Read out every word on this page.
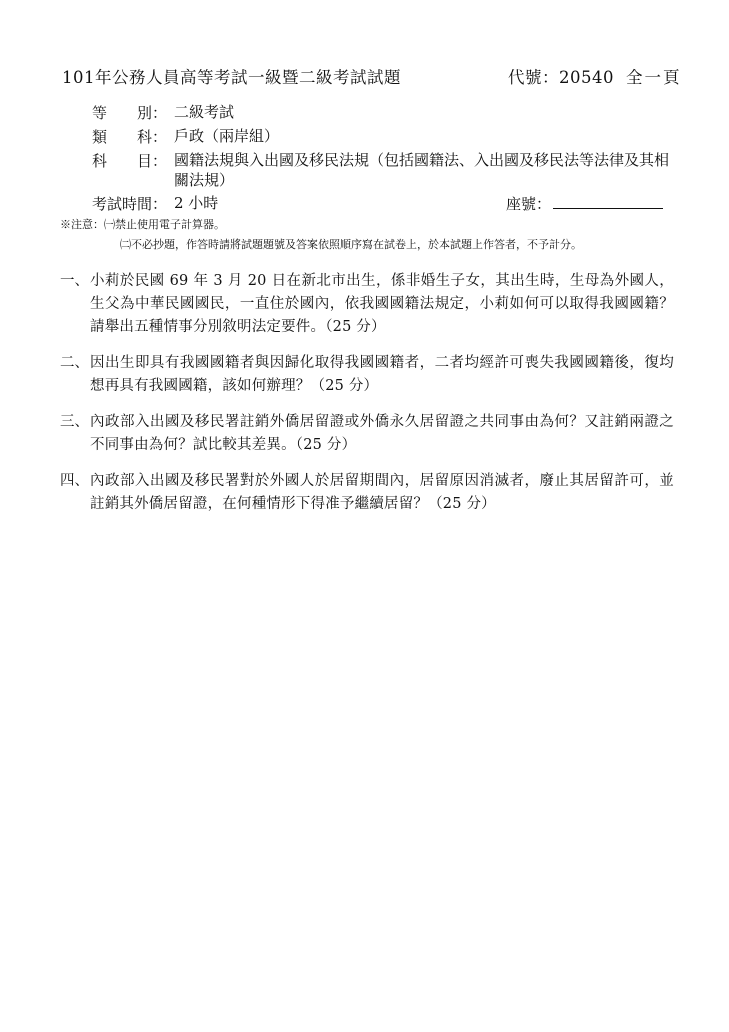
101年公務人員高等考試一級暨二級考試試題	代號：20540 全一頁
等　　別： 二級考試
類　　科： 戶政（兩岸組）
科　　目： 國籍法規與入出國及移民法規（包括國籍法、入出國及移民法等法律及其相關法規）
考試時間： 2 小時	座號：
※注意：㈠禁止使用電子計算器。
㈡不必抄題，作答時請將試題題號及答案依照順序寫在試卷上，於本試題上作答者，不予計分。
一、 小莉於民國 69 年 3 月 20 日在新北市出生，係非婚生子女，其出生時，生母為外國人，生父為中華民國國民，一直住於國內，依我國國籍法規定，小莉如何可以取得我國國籍？請舉出五種情事分別敘明法定要件。（25 分）
二、 因出生即具有我國國籍者與因歸化取得我國國籍者，二者均經許可喪失我國國籍後，復均想再具有我國國籍，該如何辦理？（25 分）
三、 內政部入出國及移民署註銷外僑居留證或外僑永久居留證之共同事由為何？又註銷兩證之不同事由為何？試比較其差異。（25 分）
四、 內政部入出國及移民署對於外國人於居留期間內，居留原因消滅者，廢止其居留許可，並註銷其外僑居留證，在何種情形下得准予繼續居留？（25 分）
